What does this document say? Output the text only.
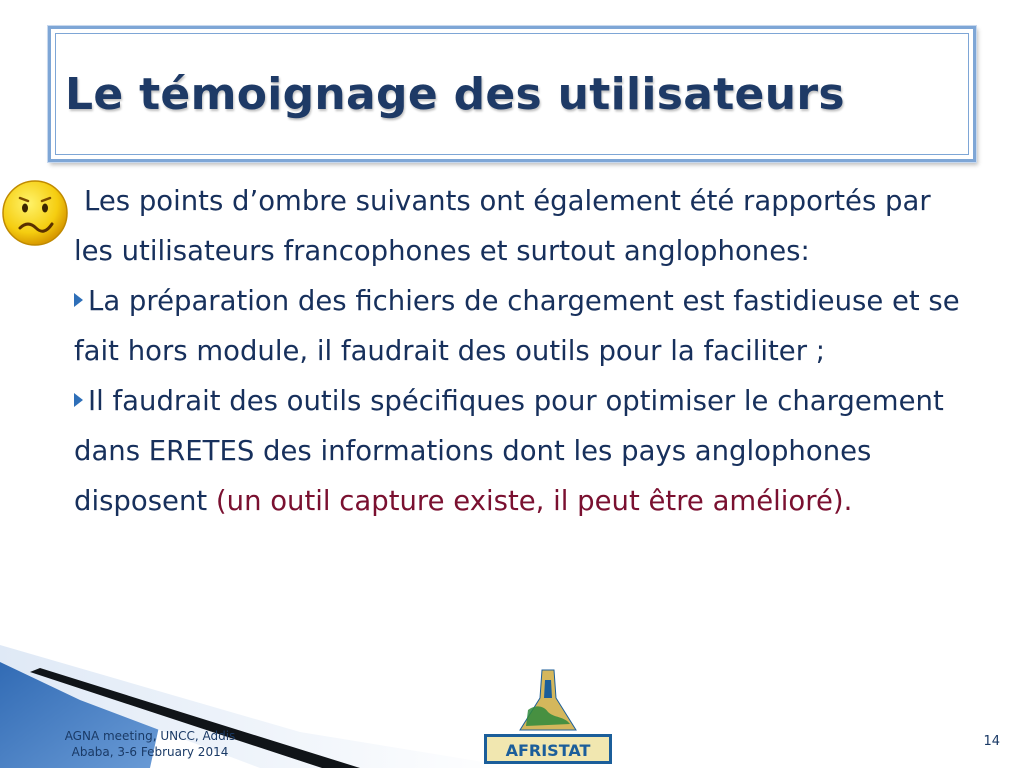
Le témoignage des utilisateurs

Les points d’ombre suivants ont également été rapportés par les utilisateurs francophones et surtout anglophones:

La préparation des fichiers de chargement est fastidieuse et se fait hors module, il faudrait des outils pour la faciliter ;

Il faudrait des outils spécifiques pour optimiser le chargement dans ERETES des informations dont les pays anglophones disposent (un outil capture existe, il peut être amélioré).

AGNA meeting, UNCC, Addis
Ababa, 3-6 February 2014	AFRISTAT	14
